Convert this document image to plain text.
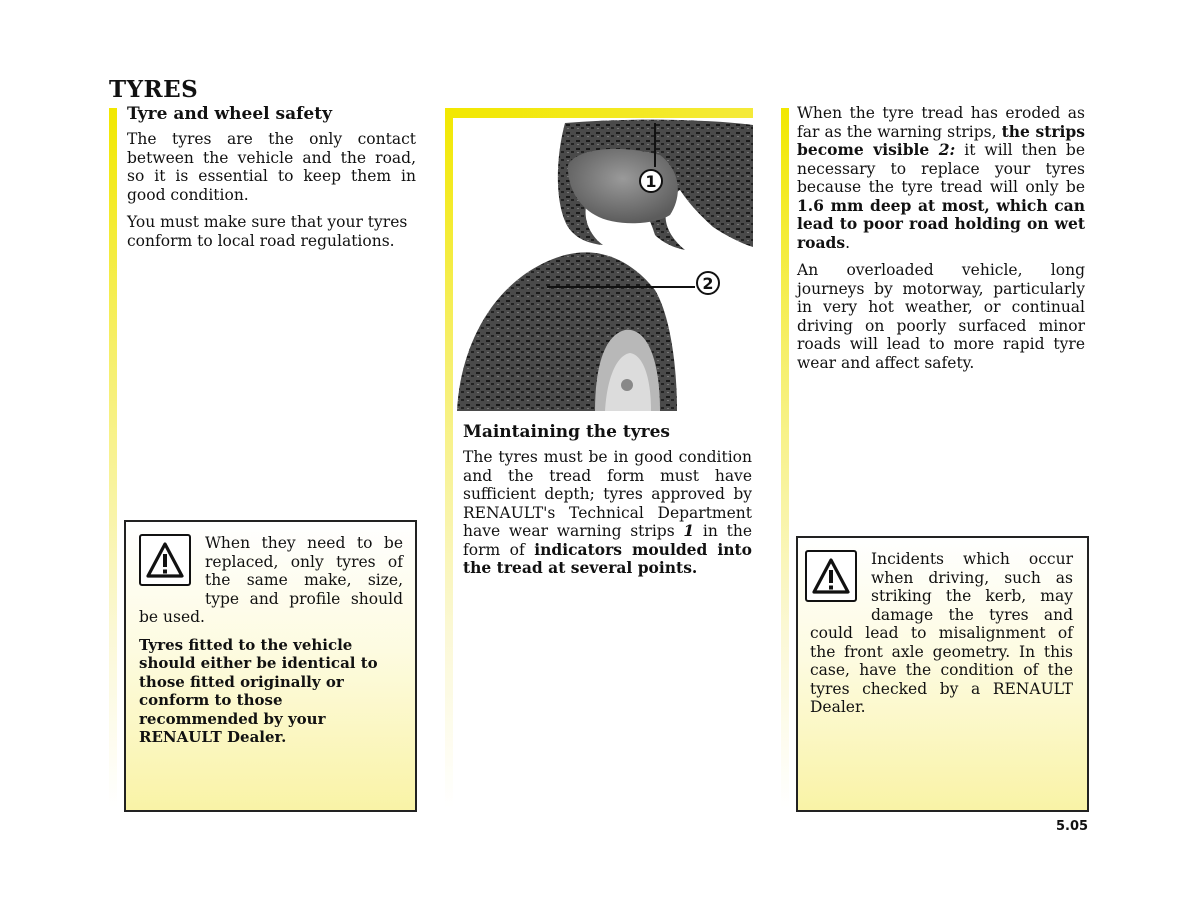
TYRES
Tyre and wheel safety

The tyres are the only contact between the vehicle and the road, so it is essential to keep them in good condition.

You must make sure that your tyres conform to local road regulations.

When they need to be replaced, only tyres of the same make, size, type and profile should be used.

Tyres fitted to the vehicle should either be identical to those fitted originally or conform to those recommended by your RENAULT Dealer.

1
2
Maintaining the tyres

The tyres must be in good condition and the tread form must have sufficient depth; tyres approved by RENAULT's Technical Department have wear warning strips 1 in the form of indicators moulded into the tread at several points.

When the tyre tread has eroded as far as the warning strips, the strips become visible 2: it will then be necessary to replace your tyres because the tyre tread will only be 1.6 mm deep at most, which can lead to poor road holding on wet roads.

An overloaded vehicle, long journeys by motorway, particularly in very hot weather, or continual driving on poorly surfaced minor roads will lead to more rapid tyre wear and affect safety.

Incidents which occur when driving, such as striking the kerb, may damage the tyres and could lead to misalignment of the front axle geometry. In this case, have the condition of the tyres checked by a RENAULT Dealer.

5.05
